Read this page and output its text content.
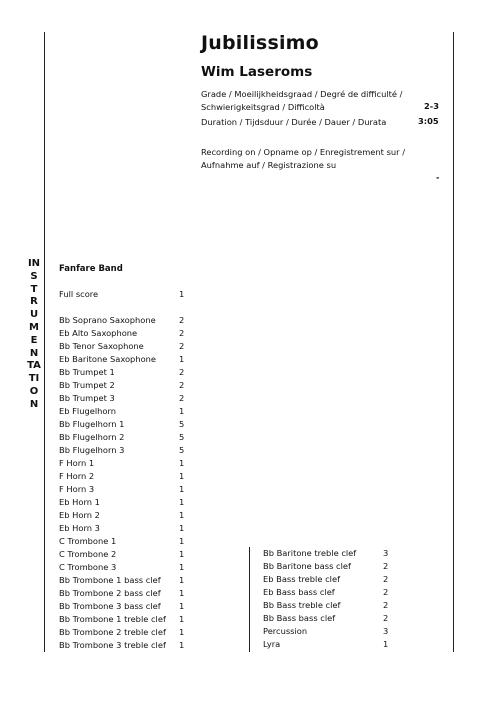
Jubilissimo
Wim Laseroms
Grade / Moeilijkheidsgraad / Degré de difficulté /
Schwierigkeitsgrad / Difficoltà	2-3
Duration / Tijdsduur / Durée / Dauer / Durata	3:05
Recording on / Opname op / Enregistrement sur /
Aufnahme auf / Registrazione su
-
INSTRUMENTATION
Fanfare Band
Full score	1
Bb Soprano Saxophone	2
Eb Alto Saxophone	2
Bb Tenor Saxophone	2
Eb Baritone Saxophone	1
Bb Trumpet 1	2
Bb Trumpet 2	2
Bb Trumpet 3	2
Eb Flugelhorn	1
Bb Flugelhorn 1	5
Bb Flugelhorn 2	5
Bb Flugelhorn 3	5
F Horn 1	1
F Horn 2	1
F Horn 3	1
Eb Horn 1	1
Eb Horn 2	1
Eb Horn 3	1
C Trombone 1	1
C Trombone 2	1
C Trombone 3	1
Bb Trombone 1 bass clef 1
Bb Trombone 2 bass clef 1
Bb Trombone 3 bass clef 1
Bb Trombone 1 treble clef 1
Bb Trombone 2 treble clef 1
Bb Trombone 3 treble clef 1
Bb Baritone treble clef	3
Bb Baritone bass clef	2
Eb Bass treble clef	2
Eb Bass bass clef	2
Bb Bass treble clef	2
Bb Bass bass clef	2
Percussion	3
Lyra	1
